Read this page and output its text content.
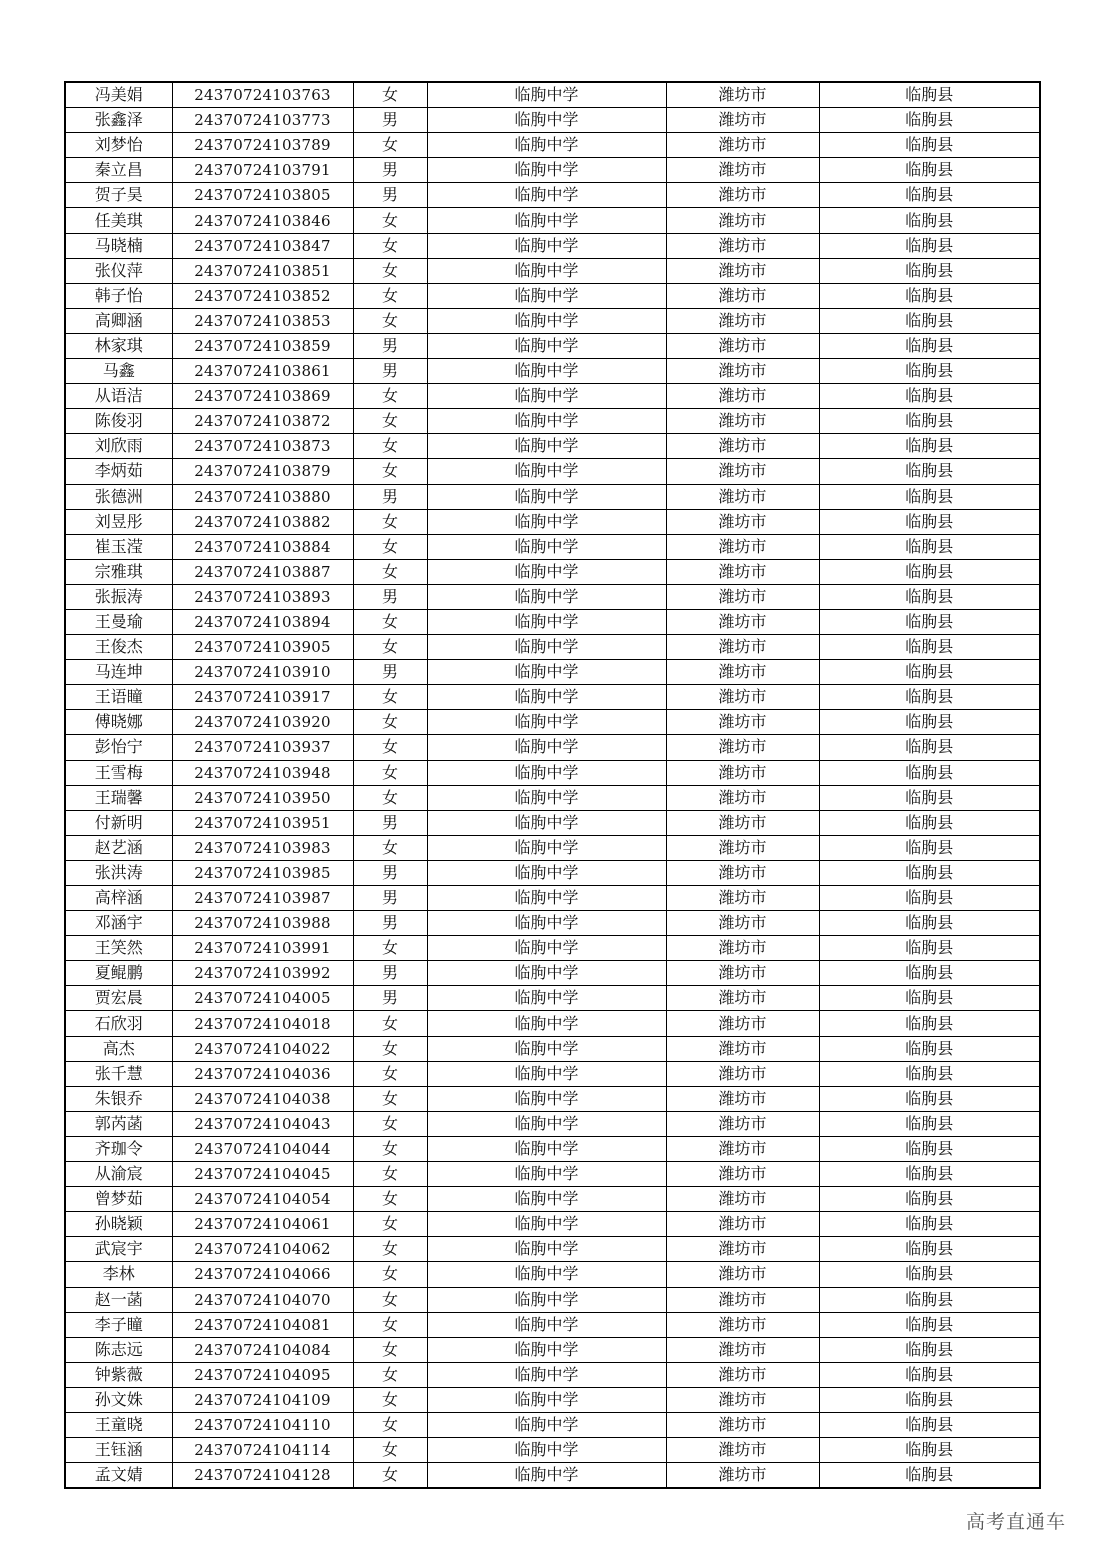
冯美娟	24370724103763	女	临朐中学	潍坊市	临朐县
张鑫泽	24370724103773	男	临朐中学	潍坊市	临朐县
刘梦怡	24370724103789	女	临朐中学	潍坊市	临朐县
秦立昌	24370724103791	男	临朐中学	潍坊市	临朐县
贺子昊	24370724103805	男	临朐中学	潍坊市	临朐县
任美琪	24370724103846	女	临朐中学	潍坊市	临朐县
马晓楠	24370724103847	女	临朐中学	潍坊市	临朐县
张仪萍	24370724103851	女	临朐中学	潍坊市	临朐县
韩子怡	24370724103852	女	临朐中学	潍坊市	临朐县
高卿涵	24370724103853	女	临朐中学	潍坊市	临朐县
林家琪	24370724103859	男	临朐中学	潍坊市	临朐县
马鑫	24370724103861	男	临朐中学	潍坊市	临朐县
从语洁	24370724103869	女	临朐中学	潍坊市	临朐县
陈俊羽	24370724103872	女	临朐中学	潍坊市	临朐县
刘欣雨	24370724103873	女	临朐中学	潍坊市	临朐县
李炳茹	24370724103879	女	临朐中学	潍坊市	临朐县
张德洲	24370724103880	男	临朐中学	潍坊市	临朐县
刘昱彤	24370724103882	女	临朐中学	潍坊市	临朐县
崔玉滢	24370724103884	女	临朐中学	潍坊市	临朐县
宗雅琪	24370724103887	女	临朐中学	潍坊市	临朐县
张振涛	24370724103893	男	临朐中学	潍坊市	临朐县
王曼瑜	24370724103894	女	临朐中学	潍坊市	临朐县
王俊杰	24370724103905	女	临朐中学	潍坊市	临朐县
马连坤	24370724103910	男	临朐中学	潍坊市	临朐县
王语瞳	24370724103917	女	临朐中学	潍坊市	临朐县
傅晓娜	24370724103920	女	临朐中学	潍坊市	临朐县
彭怡宁	24370724103937	女	临朐中学	潍坊市	临朐县
王雪梅	24370724103948	女	临朐中学	潍坊市	临朐县
王瑞馨	24370724103950	女	临朐中学	潍坊市	临朐县
付新明	24370724103951	男	临朐中学	潍坊市	临朐县
赵艺涵	24370724103983	女	临朐中学	潍坊市	临朐县
张洪涛	24370724103985	男	临朐中学	潍坊市	临朐县
高梓涵	24370724103987	男	临朐中学	潍坊市	临朐县
邓涵宇	24370724103988	男	临朐中学	潍坊市	临朐县
王笑然	24370724103991	女	临朐中学	潍坊市	临朐县
夏鲲鹏	24370724103992	男	临朐中学	潍坊市	临朐县
贾宏晨	24370724104005	男	临朐中学	潍坊市	临朐县
石欣羽	24370724104018	女	临朐中学	潍坊市	临朐县
高杰	24370724104022	女	临朐中学	潍坊市	临朐县
张千慧	24370724104036	女	临朐中学	潍坊市	临朐县
朱银乔	24370724104038	女	临朐中学	潍坊市	临朐县
郭芮菡	24370724104043	女	临朐中学	潍坊市	临朐县
齐珈令	24370724104044	女	临朐中学	潍坊市	临朐县
从渝宸	24370724104045	女	临朐中学	潍坊市	临朐县
曾梦茹	24370724104054	女	临朐中学	潍坊市	临朐县
孙晓颖	24370724104061	女	临朐中学	潍坊市	临朐县
武宸宇	24370724104062	女	临朐中学	潍坊市	临朐县
李林	24370724104066	女	临朐中学	潍坊市	临朐县
赵一菡	24370724104070	女	临朐中学	潍坊市	临朐县
李子瞳	24370724104081	女	临朐中学	潍坊市	临朐县
陈志远	24370724104084	女	临朐中学	潍坊市	临朐县
钟紫薇	24370724104095	女	临朐中学	潍坊市	临朐县
孙文姝	24370724104109	女	临朐中学	潍坊市	临朐县
王童晓	24370724104110	女	临朐中学	潍坊市	临朐县
王钰涵	24370724104114	女	临朐中学	潍坊市	临朐县
孟文婧	24370724104128	女	临朐中学	潍坊市	临朐县
高考直通车
